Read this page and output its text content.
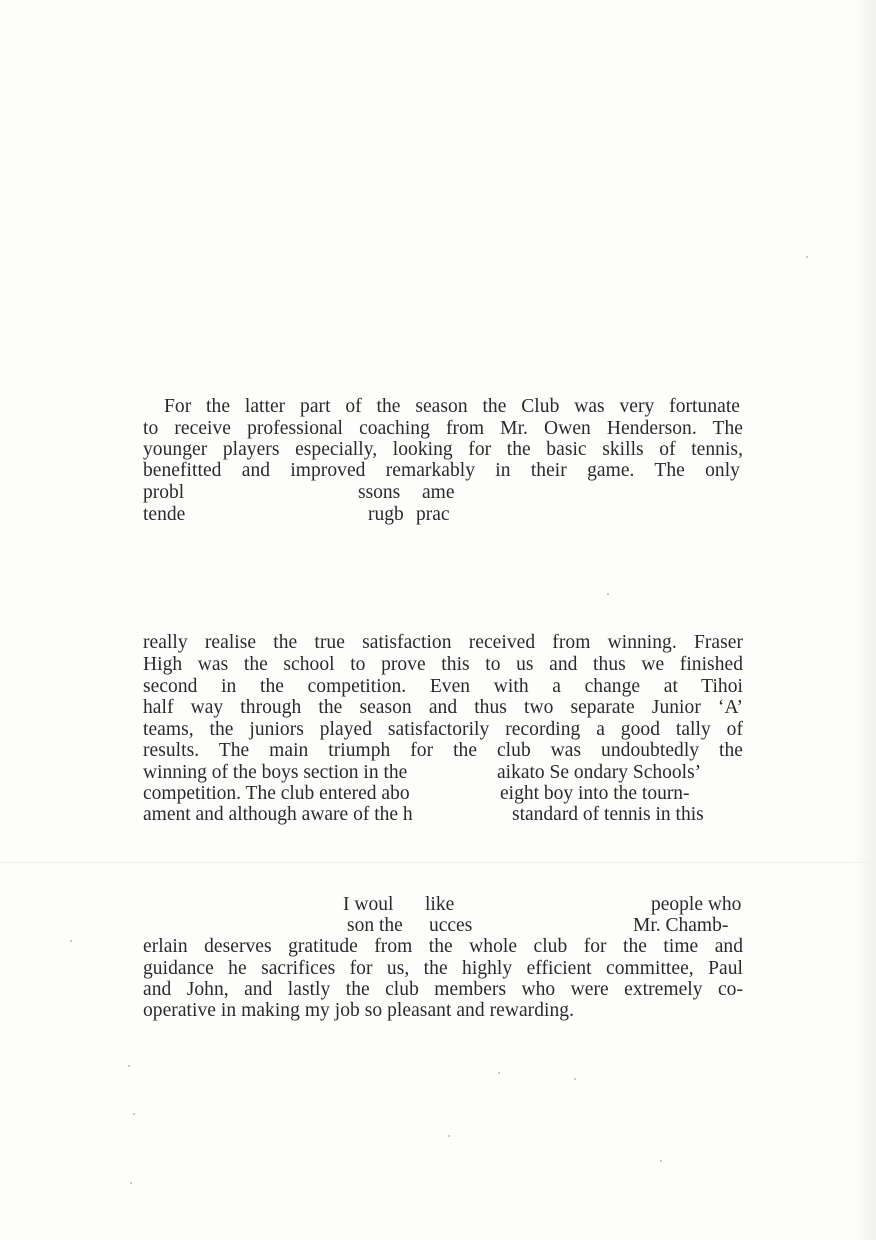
For the latter part of the season the Club was very fortunate
to receive professional coaching from Mr. Owen Henderson. The
younger players especially, looking for the basic skills of tennis,
benefitted and improved remarkably in their game. The only
probl	ssons ame
tende	rugb prac
really realise the true satisfaction received from winning. Fraser
High was the school to prove this to us and thus we finished
second in the competition. Even with a change at Tihoi
half way through the season and thus two separate Junior ‘A’
teams, the juniors played satisfactorily recording a good tally of
results. The main triumph for the club was undoubtedly the
winning of the boys section in the	aikato Se ondary Schools’
competition. The club entered abo	eight boy into the tourn-
ament and although aware of the h	standard of tennis in this
I woul like	people who
son the ucces	Mr. Chamb-
erlain deserves gratitude from the whole club for the time and
guidance he sacrifices for us, the highly efficient committee, Paul
and John, and lastly the club members who were extremely co-
operative in making my job so pleasant and rewarding.
